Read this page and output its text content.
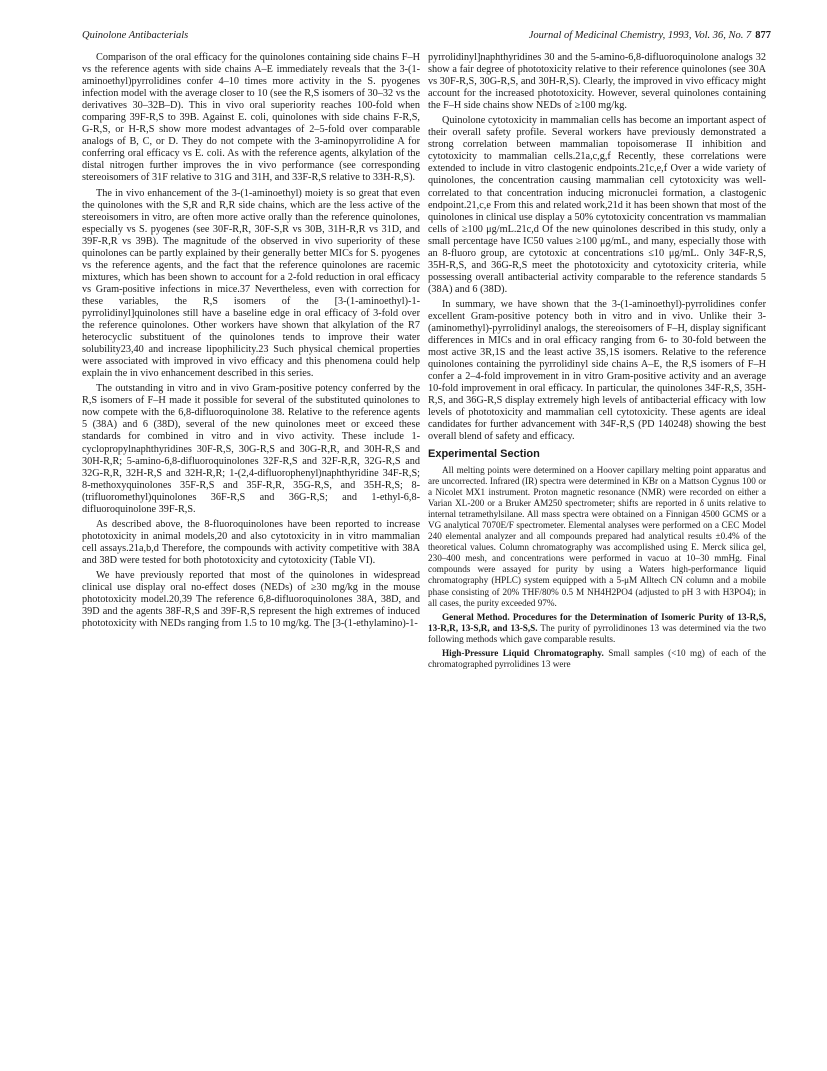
Quinolone Antibacterials	Journal of Medicinal Chemistry, 1993, Vol. 36, No. 7 877

Comparison of the oral efficacy for the quinolones containing side chains F–H vs the reference agents with side chains A–E immediately reveals that the 3-(1-aminoethyl)pyrrolidines confer 4–10 times more activity in the S. pyogenes infection model with the average closer to 10 (see the R,S isomers of 30–32 vs the derivatives 30–32B–D). This in vivo oral superiority reaches 100-fold when comparing 39F-R,S to 39B. Against E. coli, quinolones with side chains F-R,S, G-R,S, or H-R,S show more modest advantages of 2–5-fold over comparable analogs of B, C, or D. They do not compete with the 3-aminopyrrolidine A for conferring oral efficacy vs E. coli. As with the reference agents, alkylation of the distal nitrogen further improves the in vivo performance (see corresponding stereoisomers of 31F relative to 31G and 31H, and 33F-R,S relative to 33H-R,S).

The in vivo enhancement of the 3-(1-aminoethyl) moiety is so great that even the quinolones with the S,R and R,R side chains, which are the less active of the stereoisomers in vitro, are often more active orally than the reference quinolones, especially vs S. pyogenes (see 30F-R,R, 30F-S,R vs 30B, 31H-R,R vs 31D, and 39F-R,R vs 39B). The magnitude of the observed in vivo superiority of these quinolones can be partly explained by their generally better MICs for S. pyogenes vs the reference agents, and the fact that the reference quinolones are racemic mixtures, which has been shown to account for a 2-fold reduction in oral efficacy vs Gram-positive infections in mice.37 Nevertheless, even with correction for these variables, the R,S isomers of the [3-(1-aminoethyl)-1-pyrrolidinyl]quinolones still have a baseline edge in oral efficacy of 3-fold over the reference quinolones. Other workers have shown that alkylation of the R7 heterocyclic substituent of the quinolones tends to improve their water solubility23,40 and increase lipophilicity.23 Such physical chemical properties were associated with improved in vivo efficacy and this phenomena could help explain the in vivo enhancement described in this series.

The outstanding in vitro and in vivo Gram-positive potency conferred by the R,S isomers of F–H made it possible for several of the substituted quinolones to now compete with the 6,8-difluoroquinolone 38. Relative to the reference agents 5 (38A) and 6 (38D), several of the new quinolones meet or exceed these standards for combined in vitro and in vivo activity. These include 1-cyclopropylnaphthyridines 30F-R,S, 30G-R,S and 30G-R,R, and 30H-R,S and 30H-R,R; 5-amino-6,8-difluoroquinolones 32F-R,S and 32F-R,R, 32G-R,S and 32G-R,R, 32H-R,S and 32H-R,R; 1-(2,4-difluorophenyl)naphthyridine 34F-R,S; 8-methoxyquinolones 35F-R,S and 35F-R,R, 35G-R,S, and 35H-R,S; 8-(trifluoromethyl)quinolones 36F-R,S and 36G-R,S; and 1-ethyl-6,8-difluoroquinolone 39F-R,S.

As described above, the 8-fluoroquinolones have been reported to increase phototoxicity in animal models,20 and also cytotoxicity in in vitro mammalian cell assays.21a,b,d Therefore, the compounds with activity competitive with 38A and 38D were tested for both phototoxicity and cytotoxicity (Table VI).

We have previously reported that most of the quinolones in widespread clinical use display oral no-effect doses (NEDs) of ≥30 mg/kg in the mouse phototoxicity model.20,39 The reference 6,8-difluoroquinolones 38A, 38D, and 39D and the agents 38F-R,S and 39F-R,S represent the high extremes of induced phototoxicity with NEDs ranging from 1.5 to 10 mg/kg. The [3-(1-ethylamino)-1-

pyrrolidinyl]naphthyridines 30 and the 5-amino-6,8-difluoroquinolone analogs 32 show a fair degree of phototoxicity relative to their reference quinolones (see 30A vs 30F-R,S, 30G-R,S, and 30H-R,S). Clearly, the improved in vivo efficacy might account for the increased phototoxicity. However, several quinolones containing the F–H side chains show NEDs of ≥100 mg/kg.

Quinolone cytotoxicity in mammalian cells has become an important aspect of their overall safety profile. Several workers have previously demonstrated a strong correlation between mammalian topoisomerase II inhibition and cytotoxicity to mammalian cells.21a,c,g,f Recently, these correlations were extended to include in vitro clastogenic endpoints.21c,e,f Over a wide variety of quinolones, the concentration causing mammalian cell cytotoxicity was well-correlated to that concentration inducing micronuclei formation, a clastogenic endpoint.21,c,e From this and related work,21d it has been shown that most of the quinolones in clinical use display a 50% cytotoxicity concentration vs mammalian cells of ≥100 μg/mL.21c,d Of the new quinolones described in this study, only a small percentage have IC50 values ≥100 μg/mL, and many, especially those with an 8-fluoro group, are cytotoxic at concentrations ≤10 μg/mL. Only 34F-R,S, 35H-R,S, and 36G-R,S meet the phototoxicity and cytotoxicity criteria, while possessing overall antibacterial activity comparable to the reference standards 5 (38A) and 6 (38D).

In summary, we have shown that the 3-(1-aminoethyl)-pyrrolidines confer excellent Gram-positive potency both in vitro and in vivo. Unlike their 3-(aminomethyl)-pyrrolidinyl analogs, the stereoisomers of F–H, display significant differences in MICs and in oral efficacy ranging from 6- to 30-fold between the most active 3R,1S and the least active 3S,1S isomers. Relative to the reference quinolones containing the pyrrolidinyl side chains A–E, the R,S isomers of F–H confer a 2–4-fold improvement in in vitro Gram-positive activity and an average 10-fold improvement in oral efficacy. In particular, the quinolones 34F-R,S, 35H-R,S, and 36G-R,S display extremely high levels of antibacterial efficacy with low levels of phototoxicity and mammalian cell cytotoxicity. These agents are ideal candidates for further advancement with 34F-R,S (PD 140248) showing the best overall blend of safety and efficacy.

Experimental Section

All melting points were determined on a Hoover capillary melting point apparatus and are uncorrected. Infrared (IR) spectra were determined in KBr on a Mattson Cygnus 100 or a Nicolet MX1 instrument. Proton magnetic resonance (NMR) were recorded on either a Varian XL-200 or a Bruker AM250 spectrometer; shifts are reported in δ units relative to internal tetramethylsilane. All mass spectra were obtained on a Finnigan 4500 GCMS or a VG analytical 7070E/F spectrometer. Elemental analyses were performed on a CEC Model 240 elemental analyzer and all compounds prepared had analytical results ±0.4% of the theoretical values. Column chromatography was accomplished using E. Merck silica gel, 230–400 mesh, and concentrations were performed in vacuo at 10–30 mmHg. Final compounds were assayed for purity by using a Waters high-performance liquid chromatography (HPLC) system equipped with a 5-μM Alltech CN column and a mobile phase consisting of 20% THF/80% 0.5 M NH4H2PO4 (adjusted to pH 3 with H3PO4); in all cases, the purity exceeded 97%.

General Method. Procedures for the Determination of Isomeric Purity of 13-R,S, 13-R,R, 13-S,R, and 13-S,S. The purity of pyrrolidinones 13 was determined via the two following methods which gave comparable results.

High-Pressure Liquid Chromatography. Small samples (<10 mg) of each of the chromatographed pyrrolidines 13 were
